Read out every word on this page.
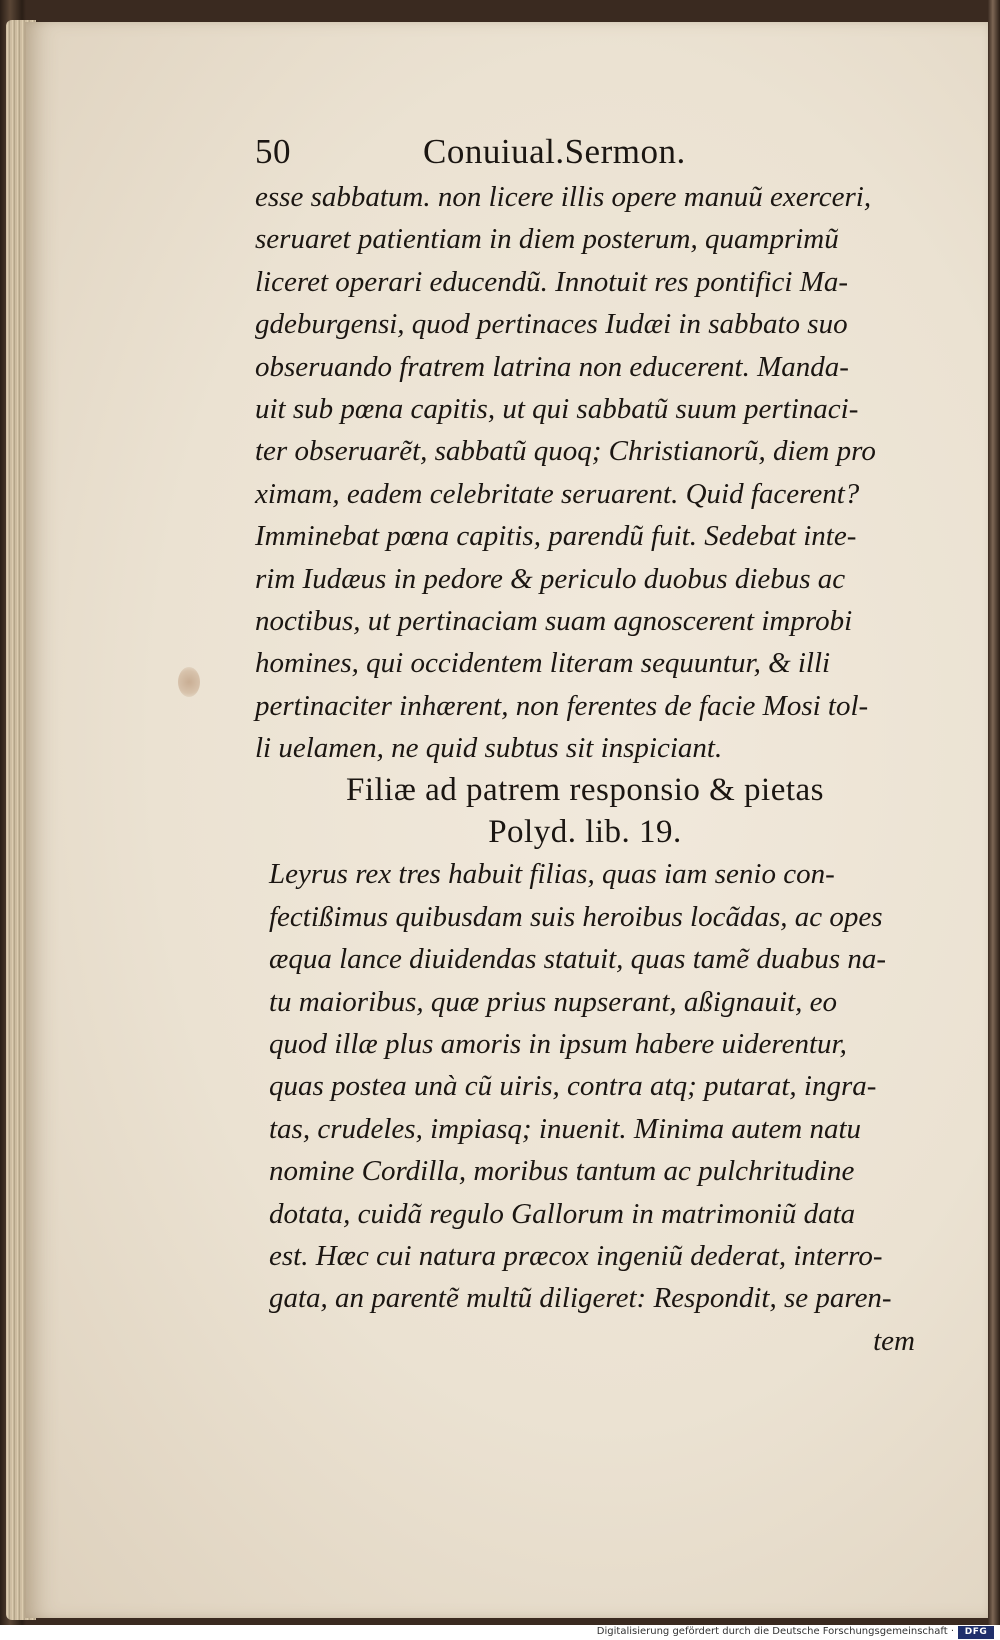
50	Conuiual.Sermon.
esse sabbatum. non licere illis opere manuũ exerceri,
seruaret patientiam in diem posterum, quamprimũ
liceret operari educendũ. Innotuit res pontifici Ma-
gdeburgensi, quod pertinaces Iudæi in sabbato suo
obseruando fratrem latrina non educerent. Manda-
uit sub pœna capitis, ut qui sabbatũ suum pertinaci-
ter obseruarẽt, sabbatũ quoq; Christianorũ, diem pro
ximam, eadem celebritate seruarent. Quid facerent?
Imminebat pœna capitis, parendũ fuit. Sedebat inte-
rim Iudæus in pedore & periculo duobus diebus ac
noctibus, ut pertinaciam suam agnoscerent improbi
homines, qui occidentem literam sequuntur, & illi
pertinaciter inhærent, non ferentes de facie Mosi tol-
li uelamen, ne quid subtus sit inspiciant.
Filiæ ad patrem responsio & pietas
Polyd. lib. 19.
Leyrus rex tres habuit filias, quas iam senio con-
fectißimus quibusdam suis heroibus locãdas, ac opes
æqua lance diuidendas statuit, quas tamẽ duabus na-
tu maioribus, quæ prius nupserant, aßignauit, eo
quod illæ plus amoris in ipsum habere uiderentur,
quas postea unà cũ uiris, contra atq; putarat, ingra-
tas, crudeles, impiasq; inuenit. Minima autem natu
nomine Cordilla, moribus tantum ac pulchritudine
dotata, cuidã regulo Gallorum in matrimoniũ data
est. Hæc cui natura præcox ingeniũ dederat, interro-
gata, an parentẽ multũ diligeret: Respondit, se paren-
tem
Digitalisierung gefördert durch die Deutsche Forschungsgemeinschaft ·	DFG
